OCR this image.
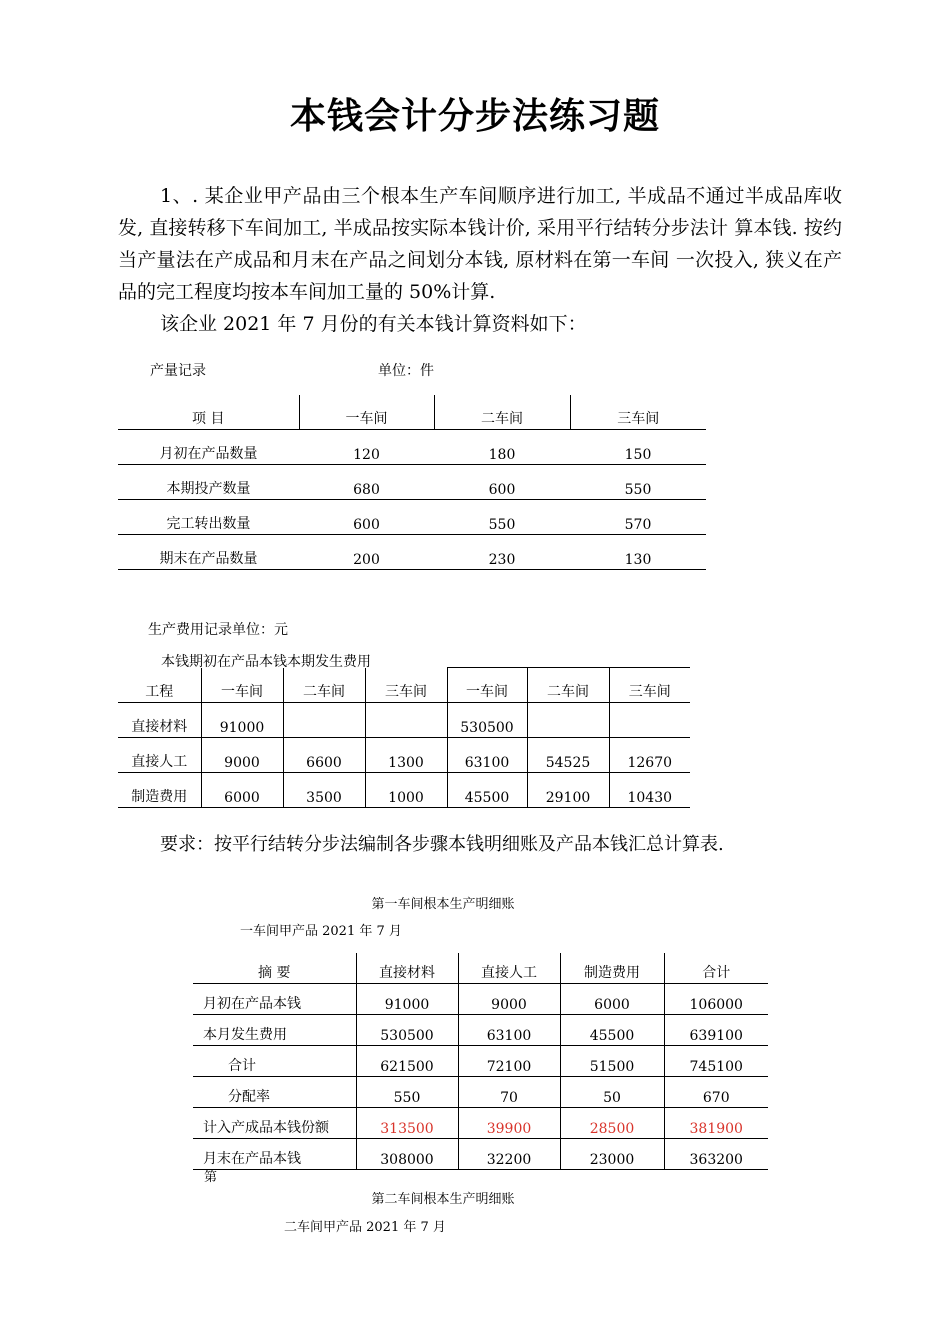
本钱会计分步法练习题
1、. 某企业甲产品由三个根本生产车间顺序进行加工, 半成品不通过半成品库收发, 直接转移下车间加工, 半成品按实际本钱计价, 采用平行结转分步法计 算本钱. 按约当产量法在产成品和月末在产品之间划分本钱, 原材料在第一车间 一次投入, 狭义在产品的完工程度均按本车间加工量的 50%计算.
该企业 2021 年 7 月份的有关本钱计算资料如下：
产量记录	单位：件
项 目	一车间	二车间	三车间
月初在产品数量	120	180	150
本期投产数量	680	600	550
完工转出数量	600	550	570
期末在产品数量	200	230	130
生产费用记录单位：元
本钱期初在产品本钱本期发生费用
工程	一车间	二车间	三车间	一车间	二车间	三车间
直接材料	91000			530500		
直接人工	9000	6600	1300	63100	54525	12670
制造费用	6000	3500	1000	45500	29100	10430
要求：按平行结转分步法编制各步骤本钱明细账及产品本钱汇总计算表.
第一车间根本生产明细账
一车间甲产品 2021 年 7 月
摘 要	直接材料	直接人工	制造费用	合计
月初在产品本钱	91000	9000	6000	106000
本月发生费用	530500	63100	45500	639100
合计	621500	72100	51500	745100
分配率	550	70	50	670
计入产成品本钱份额	313500	39900	28500	381900
月末在产品本钱	308000	32200	23000	363200
第
第二车间根本生产明细账
二车间甲产品 2021 年 7 月
